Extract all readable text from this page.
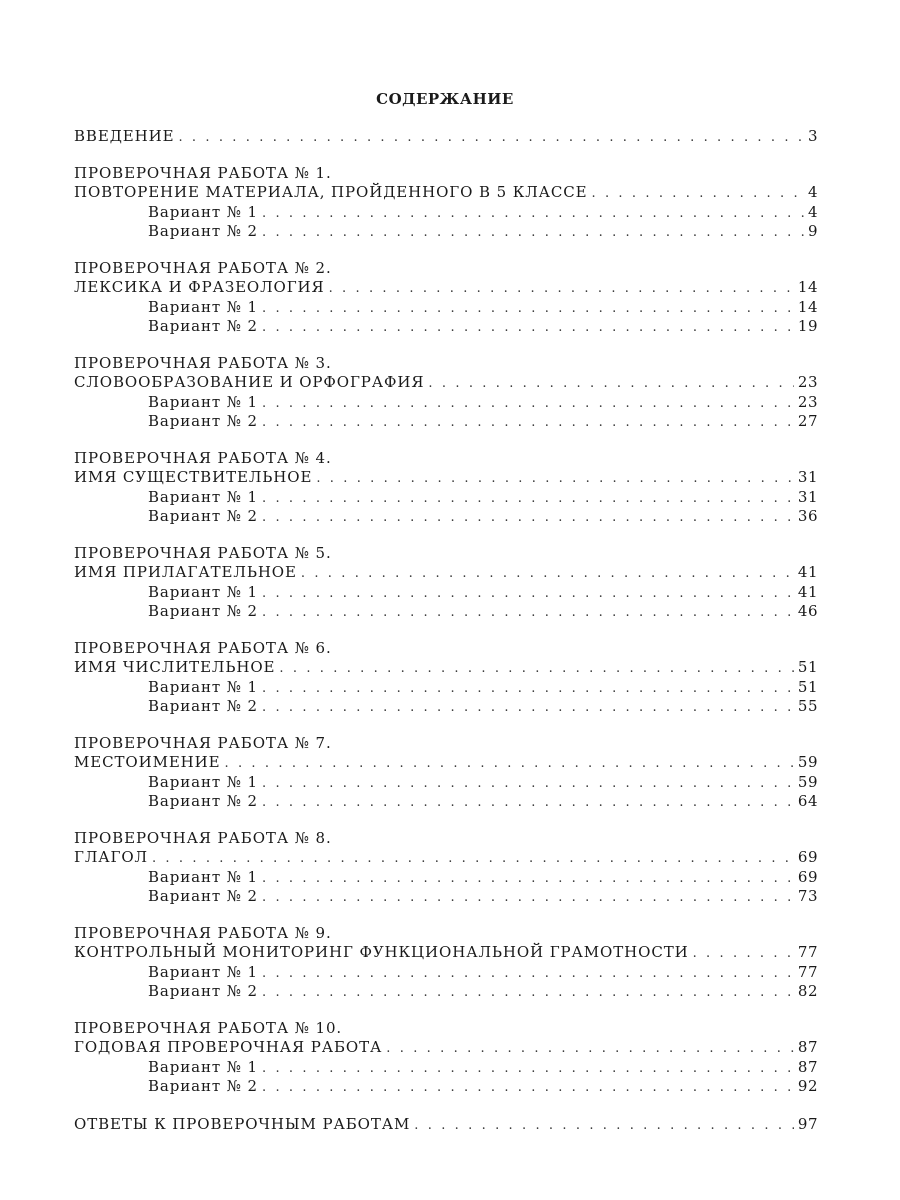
СОДЕРЖАНИЕ
ВВЕДЕНИЕ . . .	3
ПРОВЕРОЧНАЯ РАБОТА № 1.
ПОВТОРЕНИЕ МАТЕРИАЛА, ПРОЙДЕННОГО В 5 КЛАССЕ . . .	4
Вариант № 1 . . .	4
Вариант № 2 . . .	9
ПРОВЕРОЧНАЯ РАБОТА № 2.
ЛЕКСИКА И ФРАЗЕОЛОГИЯ . . .	14
Вариант № 1 . . .	14
Вариант № 2 . . .	19
ПРОВЕРОЧНАЯ РАБОТА № 3.
СЛОВООБРАЗОВАНИЕ И ОРФОГРАФИЯ . . .	23
Вариант № 1 . . .	23
Вариант № 2 . . .	27
ПРОВЕРОЧНАЯ РАБОТА № 4.
ИМЯ СУЩЕСТВИТЕЛЬНОЕ . . .	31
Вариант № 1 . . .	31
Вариант № 2 . . .	36
ПРОВЕРОЧНАЯ РАБОТА № 5.
ИМЯ ПРИЛАГАТЕЛЬНОЕ . . .	41
Вариант № 1 . . .	41
Вариант № 2 . . .	46
ПРОВЕРОЧНАЯ РАБОТА № 6.
ИМЯ ЧИСЛИТЕЛЬНОЕ . . .	51
Вариант № 1 . . .	51
Вариант № 2 . . .	55
ПРОВЕРОЧНАЯ РАБОТА № 7.
МЕСТОИМЕНИЕ . . .	59
Вариант № 1 . . .	59
Вариант № 2 . . .	64
ПРОВЕРОЧНАЯ РАБОТА № 8.
ГЛАГОЛ . . .	69
Вариант № 1 . . .	69
Вариант № 2 . . .	73
ПРОВЕРОЧНАЯ РАБОТА № 9.
КОНТРОЛЬНЫЙ МОНИТОРИНГ ФУНКЦИОНАЛЬНОЙ ГРАМОТНОСТИ . . .	77
Вариант № 1 . . .	77
Вариант № 2 . . .	82
ПРОВЕРОЧНАЯ РАБОТА № 10.
ГОДОВАЯ ПРОВЕРОЧНАЯ РАБОТА . . .	87
Вариант № 1 . . .	87
Вариант № 2 . . .	92
ОТВЕТЫ К ПРОВЕРОЧНЫМ РАБОТАМ . . .	97
